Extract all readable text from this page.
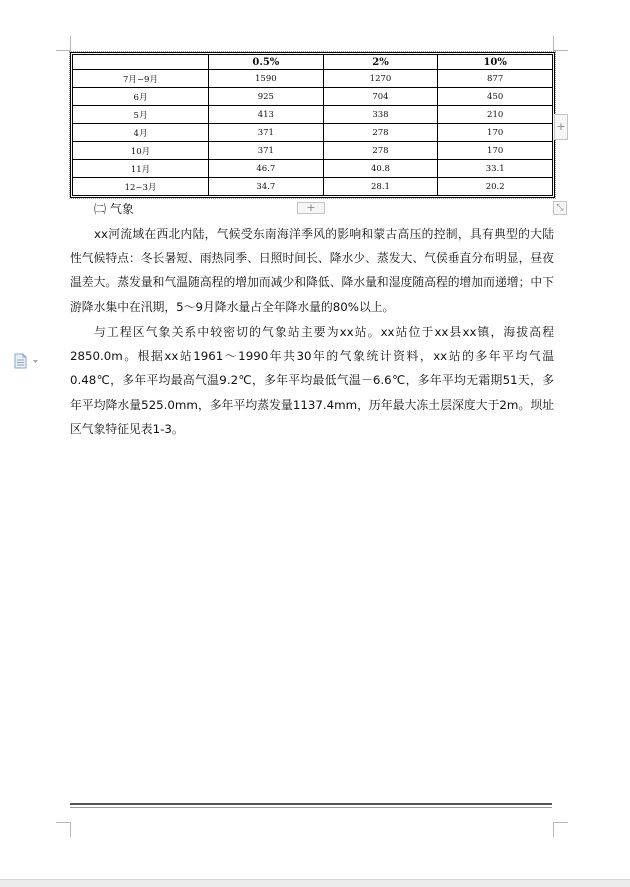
	0.5%	2%	10%
7月~9月	1590	1270	877
6月	925	704	450
5月	413	338	210
4月	371	278	170
10月	371	278	170
11月	46.7	40.8	33.1
12~3月	34.7	28.1	20.2
+
+	⤡
㈡ 气象

xx河流域在西北内陆，气候受东南海洋季风的影响和蒙古高压的控制，具有典型的大陆性气候特点：冬长暑短、雨热同季、日照时间长、降水少、蒸发大、气侯垂直分布明显，昼夜温差大。蒸发量和气温随高程的增加而减少和降低、降水量和湿度随高程的增加而递增；中下游降水集中在汛期，5～9月降水量占全年降水量的80%以上。

与工程区气象关系中较密切的气象站主要为xx站。xx站位于xx县xx镇，海拔高程2850.0m。根据xx站1961～1990年共30年的气象统计资料，xx站的多年平均气温0.48℃，多年平均最高气温9.2℃，多年平均最低气温－6.6℃，多年平均无霜期51天，多年平均降水量525.0mm，多年平均蒸发量1137.4mm，历年最大冻土层深度大于2m。坝址区气象特征见表1-3。
